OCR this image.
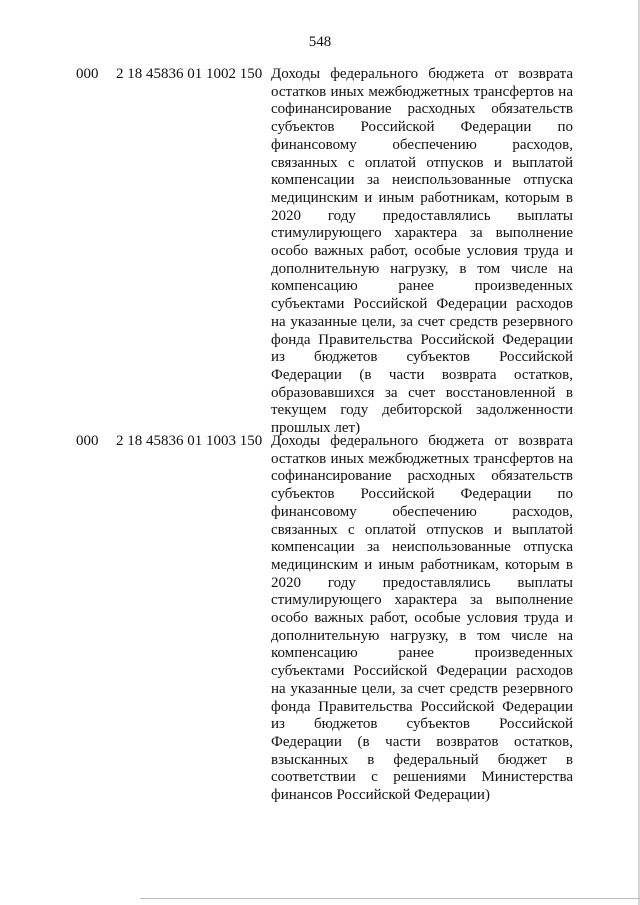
548
000 2 18 45836 01 1002 150 Доходы федерального бюджета от возврата
остатков иных межбюджетных трансфертов на
софинансирование расходных обязательств
субъектов Российской Федерации по
финансовому обеспечению расходов,
связанных с оплатой отпусков и выплатой
компенсации за неиспользованные отпуска
медицинским и иным работникам, которым в
2020 году предоставлялись выплаты
стимулирующего характера за выполнение
особо важных работ, особые условия труда и
дополнительную нагрузку, в том числе на
компенсацию ранее произведенных
субъектами Российской Федерации расходов
на указанные цели, за счет средств резервного
фонда Правительства Российской Федерации
из бюджетов субъектов Российской
Федерации (в части возврата остатков,
образовавшихся за счет восстановленной в
текущем году дебиторской задолженности
прошлых лет)
000 2 18 45836 01 1003 150 Доходы федерального бюджета от возврата
остатков иных межбюджетных трансфертов на
софинансирование расходных обязательств
субъектов Российской Федерации по
финансовому обеспечению расходов,
связанных с оплатой отпусков и выплатой
компенсации за неиспользованные отпуска
медицинским и иным работникам, которым в
2020 году предоставлялись выплаты
стимулирующего характера за выполнение
особо важных работ, особые условия труда и
дополнительную нагрузку, в том числе на
компенсацию ранее произведенных
субъектами Российской Федерации расходов
на указанные цели, за счет средств резервного
фонда Правительства Российской Федерации
из бюджетов субъектов Российской
Федерации (в части возвратов остатков,
взысканных в федеральный бюджет в
соответствии с решениями Министерства
финансов Российской Федерации)
